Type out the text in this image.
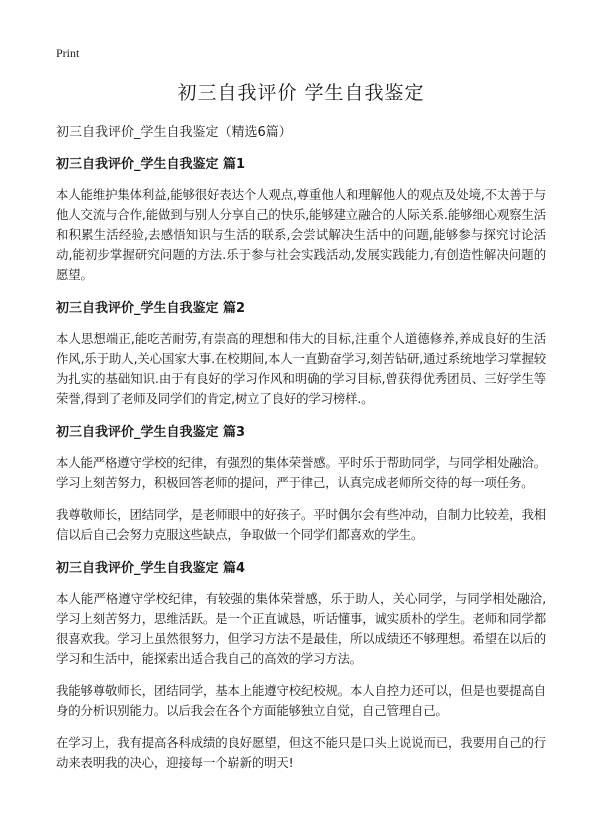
Print
初三自我评价 学生自我鉴定

初三自我评价_学生自我鉴定（精选6篇）

初三自我评价_学生自我鉴定 篇1

本人能维护集体利益,能够很好表达个人观点,尊重他人和理解他人的观点及处境,不太善于与他人交流与合作,能做到与别人分享自己的快乐,能够建立融合的人际关系.能够细心观察生活和积累生活经验,去感悟知识与生活的联系,会尝试解决生活中的问题,能够参与探究讨论活动,能初步掌握研究问题的方法.乐于参与社会实践活动,发展实践能力,有创造性解决问题的愿望。

初三自我评价_学生自我鉴定 篇2

本人思想端正,能吃苦耐劳,有崇高的理想和伟大的目标,注重个人道德修养,养成良好的生活作风,乐于助人,关心国家大事.在校期间,本人一直勤奋学习,刻苦钻研,通过系统地学习掌握较为扎实的基础知识.由于有良好的学习作风和明确的学习目标,曾获得优秀团员、三好学生等荣誉,得到了老师及同学们的肯定,树立了良好的学习榜样.。

初三自我评价_学生自我鉴定 篇3

本人能严格遵守学校的纪律，有强烈的集体荣誉感。平时乐于帮助同学，与同学相处融洽。学习上刻苦努力，积极回答老师的提问，严于律己，认真完成老师所交待的每一项任务。

我尊敬师长，团结同学，是老师眼中的好孩子。平时偶尔会有些冲动，自制力比较差，我相信以后自己会努力克服这些缺点，争取做一个同学们都喜欢的学生。

初三自我评价_学生自我鉴定 篇4

本人能严格遵守学校纪律，有较强的集体荣誉感，乐于助人，关心同学，与同学相处融洽,学习上刻苦努力，思维活跃。是一个正直诚恳，听话懂事，诚实质朴的学生。老师和同学都很喜欢我。学习上虽然很努力，但学习方法不是最佳，所以成绩还不够理想。希望在以后的学习和生活中，能探索出适合我自己的高效的学习方法。

我能够尊敬师长，团结同学，基本上能遵守校纪校规。本人自控力还可以，但是也要提高自身的分析识别能力。以后我会在各个方面能够独立自觉，自己管理自己。

在学习上，我有提高各科成绩的良好愿望，但这不能只是口头上说说而已，我要用自己的行动来表明我的决心，迎接每一个崭新的明天!
